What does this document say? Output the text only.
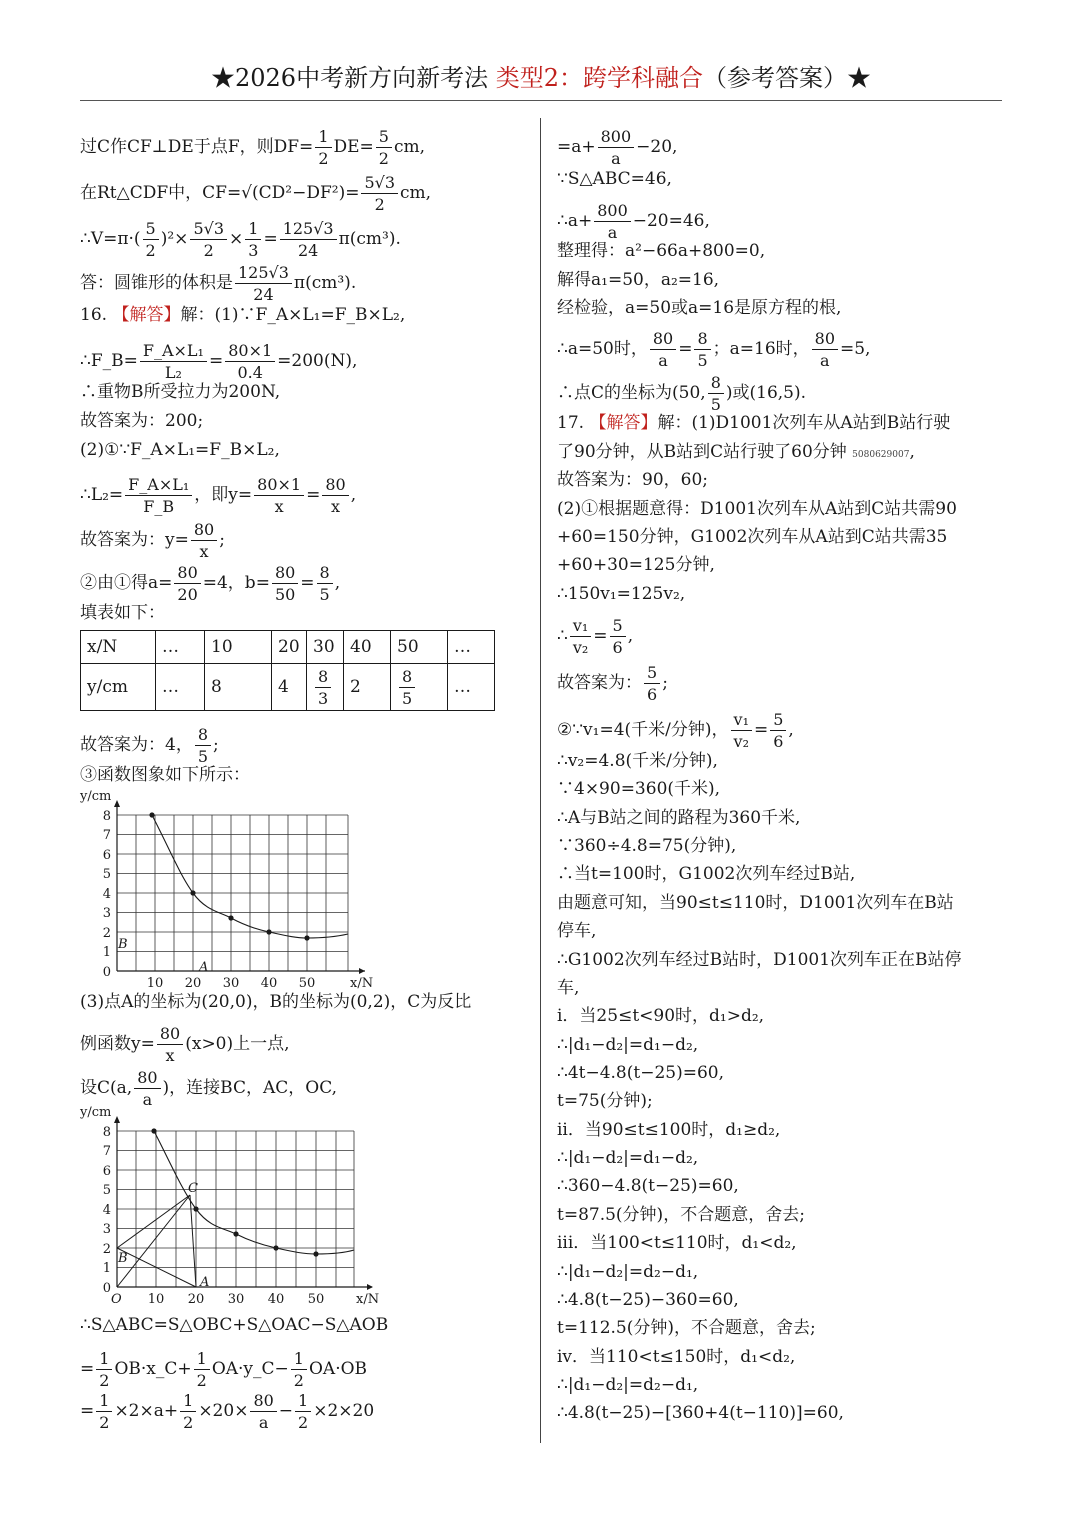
★2026中考新方向新考法 类型2：跨学科融合（参考答案）★
过C作CF⊥DE于点F，则$DF= \frac{1}{2} DE= \frac{5}{2}$ cm,
在Rt△CDF中，$CF=√(CD^2-DF^2)= \frac{5√3}{2}$ cm,
∴V=π·( $\frac{5}{2} )^2\times \frac{5√3}{2} \times \frac{1}{3} = \frac{125√3}{24} \pi(cm^3)$.
答：圆锥形的体积是 $\frac{125√3}{24} \pi(cm^3)$.
16. 【解答】解：(1)∵F_A×L₁=F_B×L₂,
∴F_B= $\frac{\text{F\_A×L₁}}{\text{L₂}} = \frac{80\times 1}{0.4} =200(N)$,
∴重物B所受拉力为200N,
故答案为：200;
(2)①∵F_A×L₁=F_B×L₂,
∴L₂= $\frac{\text{F\_A×L₁}}{F\_B}$ ，即$y= \frac{80\times 1}{x} = \frac{80}{x}$ ,
故答案为：$y= \frac{80}{x}$ ;
②由①得$a= \frac{80}{20} =4$，$b= \frac{80}{50} = \frac{8}{5}$ ,
填表如下：
x/N	…	10	20	30	40	50	…
y/cm	…	8	4	$\frac{8}{3}$	2	$\frac{8}{5}$	…
故答案为：4， $\frac{8}{5}$ ;
③函数图象如下所示：
y/cm
x/N
0
1
2
3
4
5
6
7
8
10 20 30 40 50
A
B
(3)点A的坐标为(20,0)，B的坐标为(0,2)，C为反比
例函数$y= \frac{80}{x} (x>0)$上一点,
设C(a, $\frac{80}{a}$ )，连接BC，AC，OC,
y/cm
x/N
0
1
2
3
4
5
6
7
8
10 20 30 40 50
O
A
B
C
∴S△ABC=S△OBC+S△OAC−S△AOB
= $\frac{1}{2}$ OB·x_C+ $\frac{1}{2}$ OA·y_C− $\frac{1}{2} OA\cdot OB$
= $\frac{1}{2} \times 2\times a+ \frac{1}{2} \times 20\times \frac{80}{a} - \frac{1}{2} \times 2\times 20$
$=a+ \frac{800}{a} -20$,
∵S△ABC=46,
∴a+ $\frac{800}{a} -20=46$,
整理得：a²−66a+800=0,
解得a₁=50，a₂=16,
经检验，a=50或a=16是原方程的根,
∴a=50时， $\frac{80}{a} = \frac{8}{5}$ ；a=16时， $\frac{80}{a} =5$,
∴点C的坐标为(50, $\frac{8}{5}$ )或(16,5).
17. 【解答】解：(1)D1001次列车从A站到B站行驶
了90分钟，从B站到C站行驶了60分钟 5080629007,
故答案为：90，60;
(2)①根据题意得：D1001次列车从A站到C站共需90
+60=150分钟，G1002次列车从A站到C站共需35
+60+30=125分钟,
∴150v₁=125v₂,
∴ $\frac{\text{v₁}}{\text{v₂}} = \frac{5}{6}$ ,
故答案为： $\frac{5}{6}$ ;
②∵v₁=4(千米/分钟)， $\frac{\text{v₁}}{\text{v₂}} = \frac{5}{6}$ ,
∴v₂=4.8(千米/分钟),
∵4×90=360(千米),
∴A与B站之间的路程为360千米,
∵360÷4.8=75(分钟),
∴当t=100时，G1002次列车经过B站,
由题意可知，当90≤t≤110时，D1001次列车在B站
停车,
∴G1002次列车经过B站时，D1001次列车正在B站停
车,
i．当25≤t<90时，d₁>d₂,
∴|d₁−d₂|=d₁−d₂,
∴4t−4.8(t−25)=60,
t=75(分钟);
ii．当90≤t≤100时，d₁≥d₂,
∴|d₁−d₂|=d₁−d₂,
∴360−4.8(t−25)=60,
t=87.5(分钟)，不合题意，舍去;
iii．当100<t≤110时，d₁<d₂,
∴|d₁−d₂|=d₂−d₁,
∴4.8(t−25)−360=60,
t=112.5(分钟)，不合题意，舍去;
iv．当110<t≤150时，d₁<d₂,
∴|d₁−d₂|=d₂−d₁,
∴4.8(t−25)−[360+4(t−110)]=60,
